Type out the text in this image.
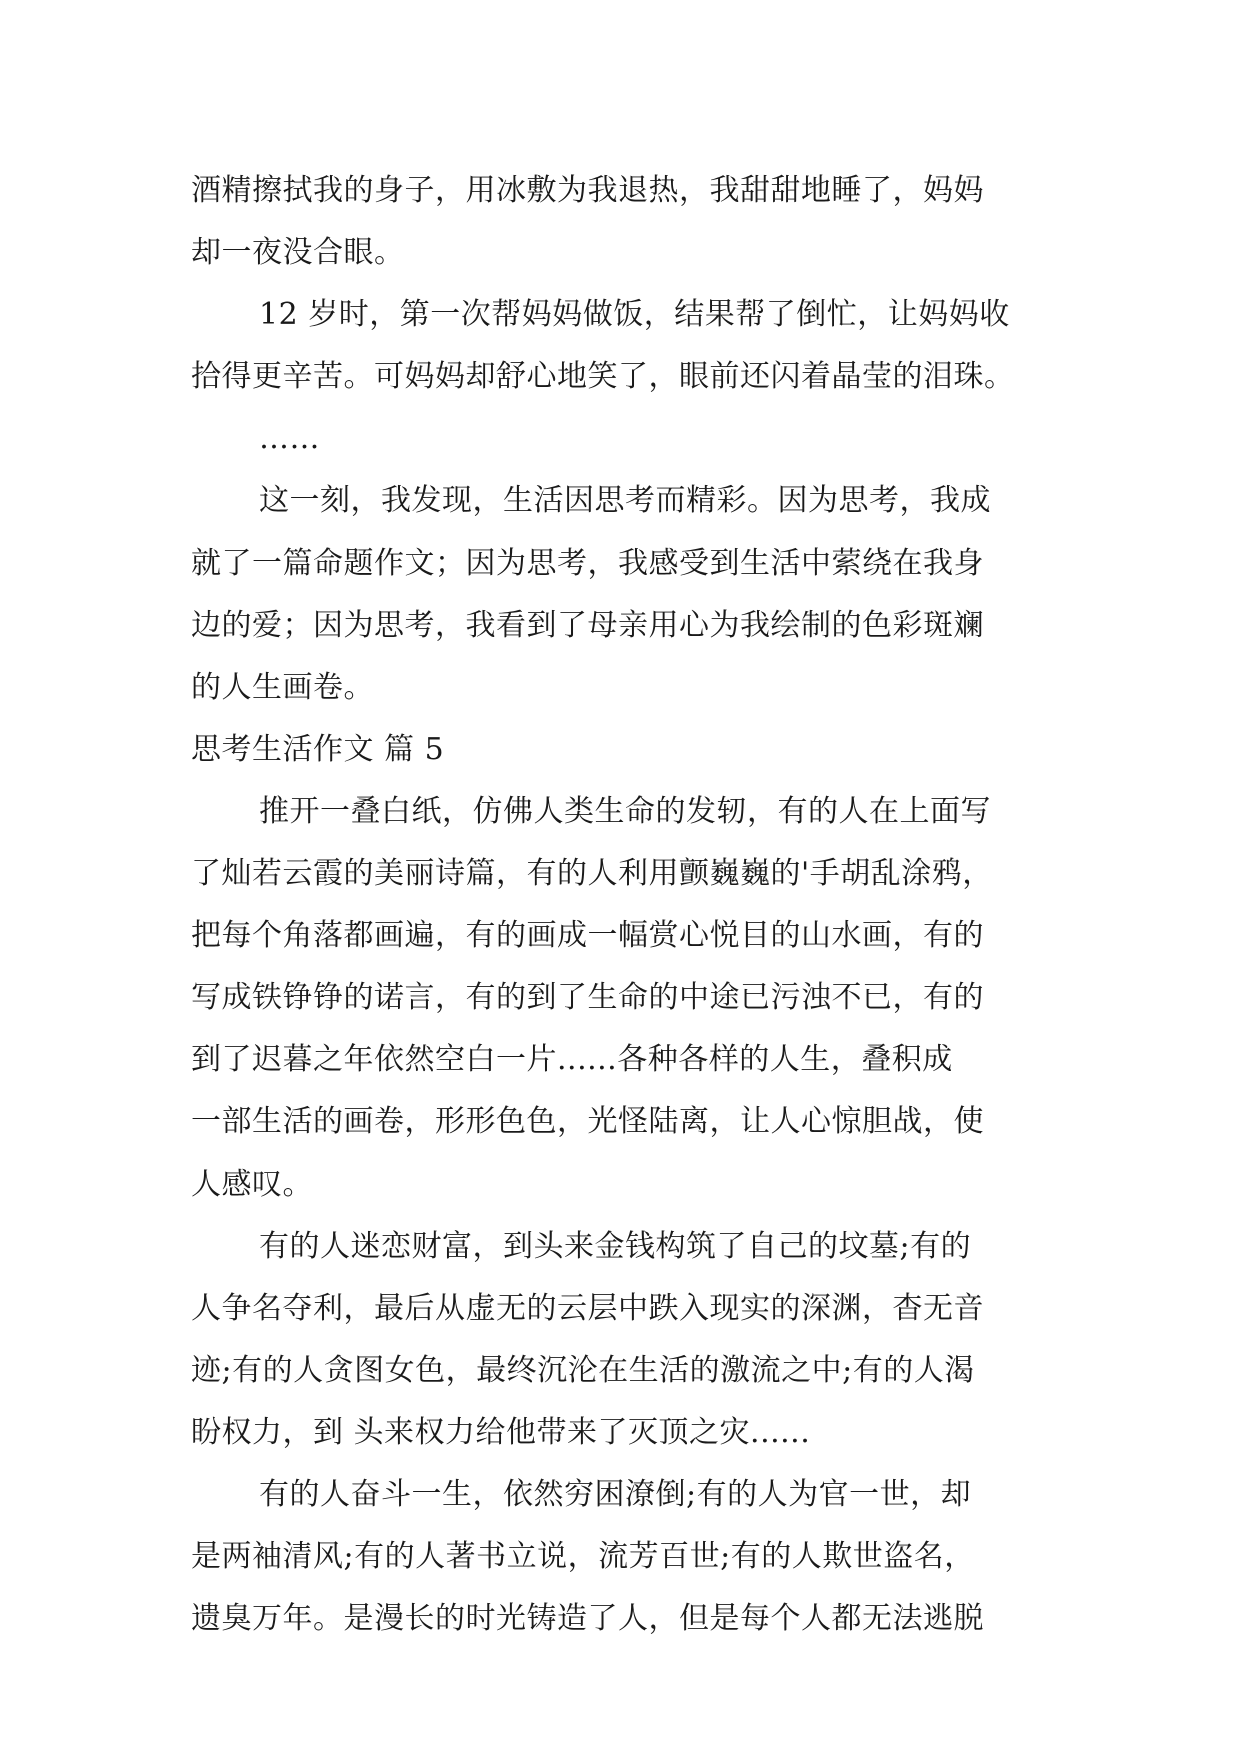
酒精擦拭我的身子，用冰敷为我退热，我甜甜地睡了，妈妈
却一夜没合眼。
12 岁时，第一次帮妈妈做饭，结果帮了倒忙，让妈妈收
拾得更辛苦。可妈妈却舒心地笑了，眼前还闪着晶莹的泪珠。
……
这一刻，我发现，生活因思考而精彩。因为思考，我成
就了一篇命题作文；因为思考，我感受到生活中萦绕在我身
边的爱；因为思考，我看到了母亲用心为我绘制的色彩斑斓
的人生画卷。
思考生活作文 篇 5
推开一叠白纸，仿佛人类生命的发轫，有的人在上面写
了灿若云霞的美丽诗篇，有的人利用颤巍巍的'手胡乱涂鸦，
把每个角落都画遍，有的画成一幅赏心悦目的山水画，有的
写成铁铮铮的诺言，有的到了生命的中途已污浊不已，有的
到了迟暮之年依然空白一片......各种各样的人生，叠积成
一部生活的画卷，形形色色，光怪陆离，让人心惊胆战，使
人感叹。
有的人迷恋财富，到头来金钱构筑了自己的坟墓;有的
人争名夺利，最后从虚无的云层中跌入现实的深渊，杳无音
迹;有的人贪图女色，最终沉沦在生活的激流之中;有的人渴
盼权力，到 头来权力给他带来了灭顶之灾......
有的人奋斗一生，依然穷困潦倒;有的人为官一世，却
是两袖清风;有的人著书立说，流芳百世;有的人欺世盗名，
遗臭万年。是漫长的时光铸造了人，但是每个人都无法逃脱
